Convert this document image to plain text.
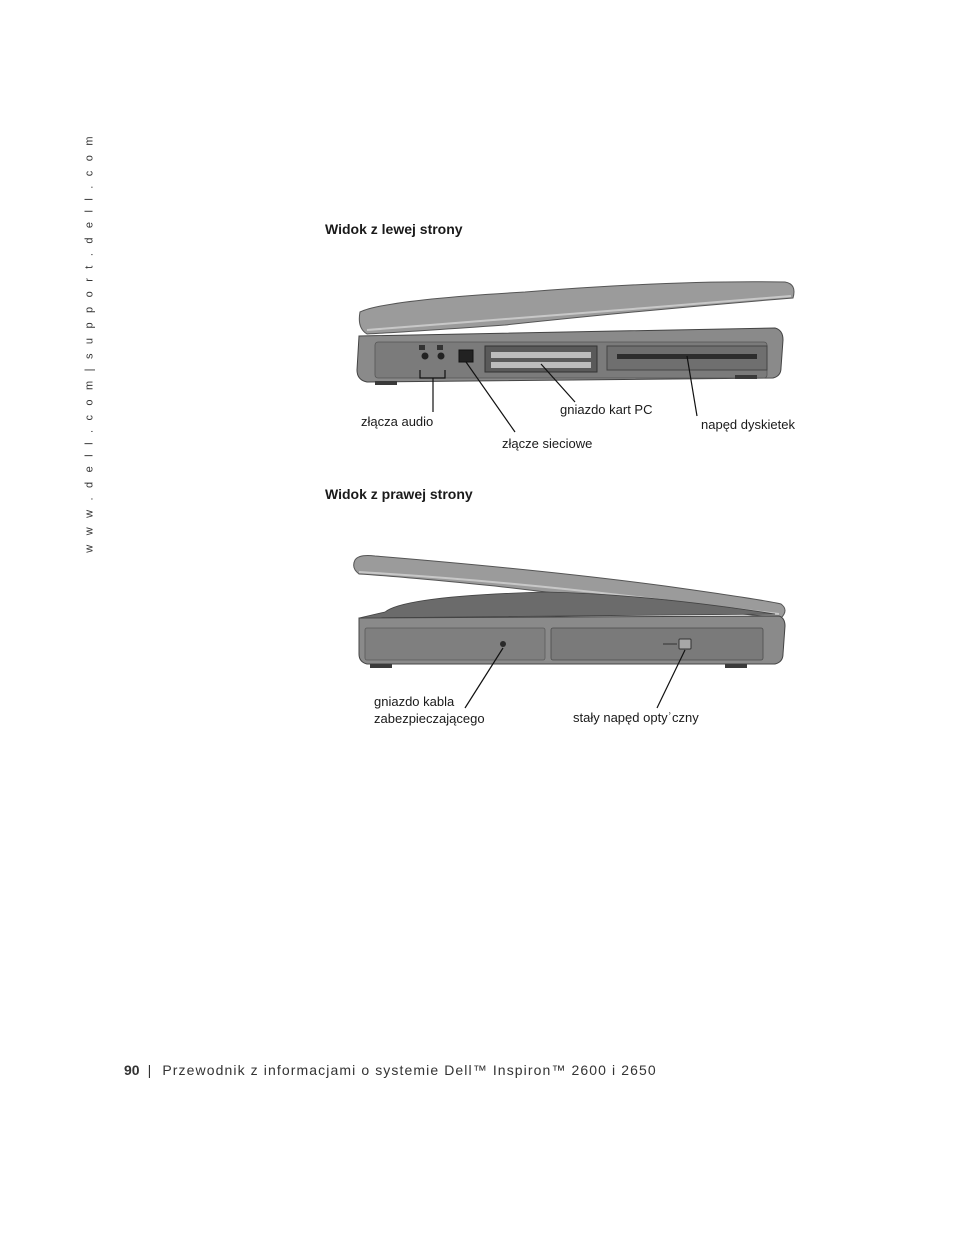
w w w . d e l l . c o m | s u p p o r t . d e l l . c o m	Widok z lewej strony
złącza audio
złącze sieciowe
gniazdo kart PC
napęd dyskietek
Widok z prawej strony
gniazdo kabla
zabezpieczającego	stały napęd optyʾczny
90 | Przewodnik z informacjami o systemie Dell™ Inspiron™ 2600 i 2650
